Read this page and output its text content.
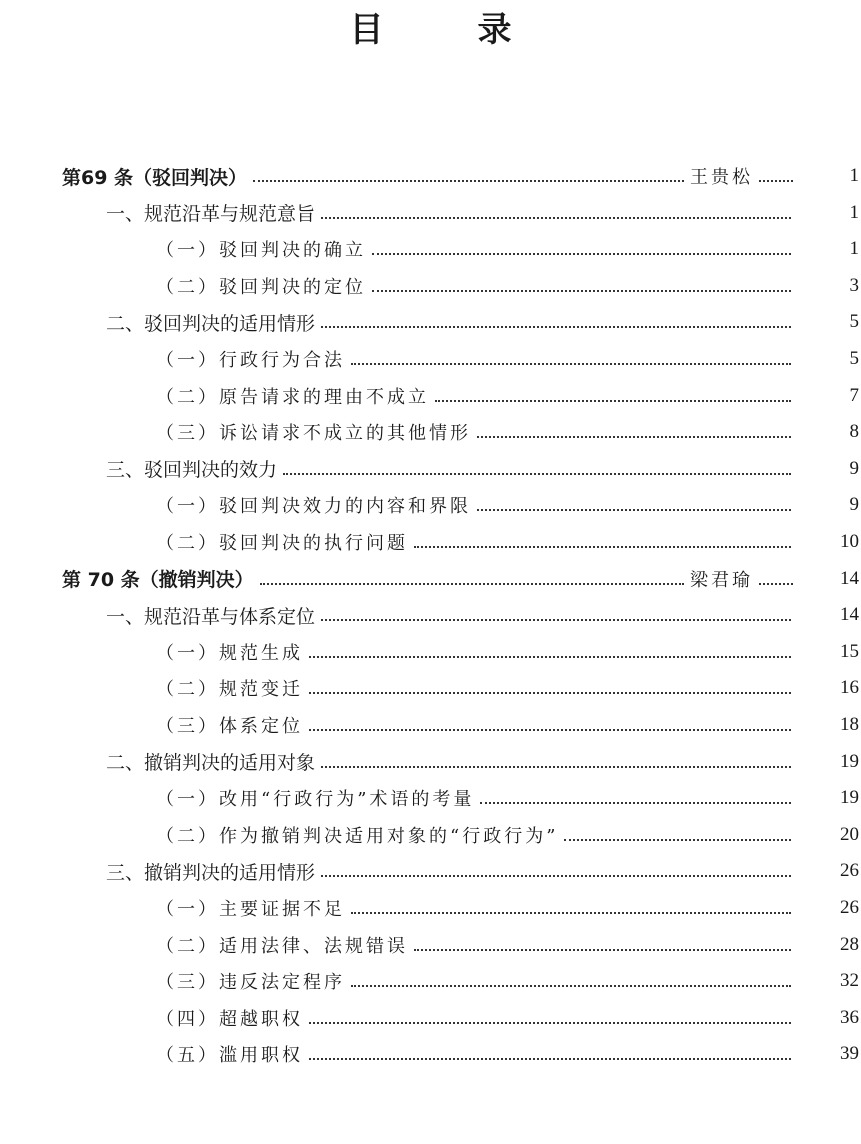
目　录
第69 条（驳回判决）	王贵松	1
一、规范沿革与规范意旨	1
（一）驳回判决的确立	1
（二）驳回判决的定位	3
二、驳回判决的适用情形	5
（一）行政行为合法	5
（二）原告请求的理由不成立	7
（三）诉讼请求不成立的其他情形	8
三、驳回判决的效力	9
（一）驳回判决效力的内容和界限	9
（二）驳回判决的执行问题	10
第 70 条（撤销判决）	梁君瑜	14
一、规范沿革与体系定位	14
（一）规范生成	15
（二）规范变迁	16
（三）体系定位	18
二、撤销判决的适用对象	19
（一）改用“行政行为”术语的考量	19
（二）作为撤销判决适用对象的“行政行为”	20
三、撤销判决的适用情形	26
（一）主要证据不足	26
（二）适用法律、法规错误	28
（三）违反法定程序	32
（四）超越职权	36
（五）滥用职权	39
